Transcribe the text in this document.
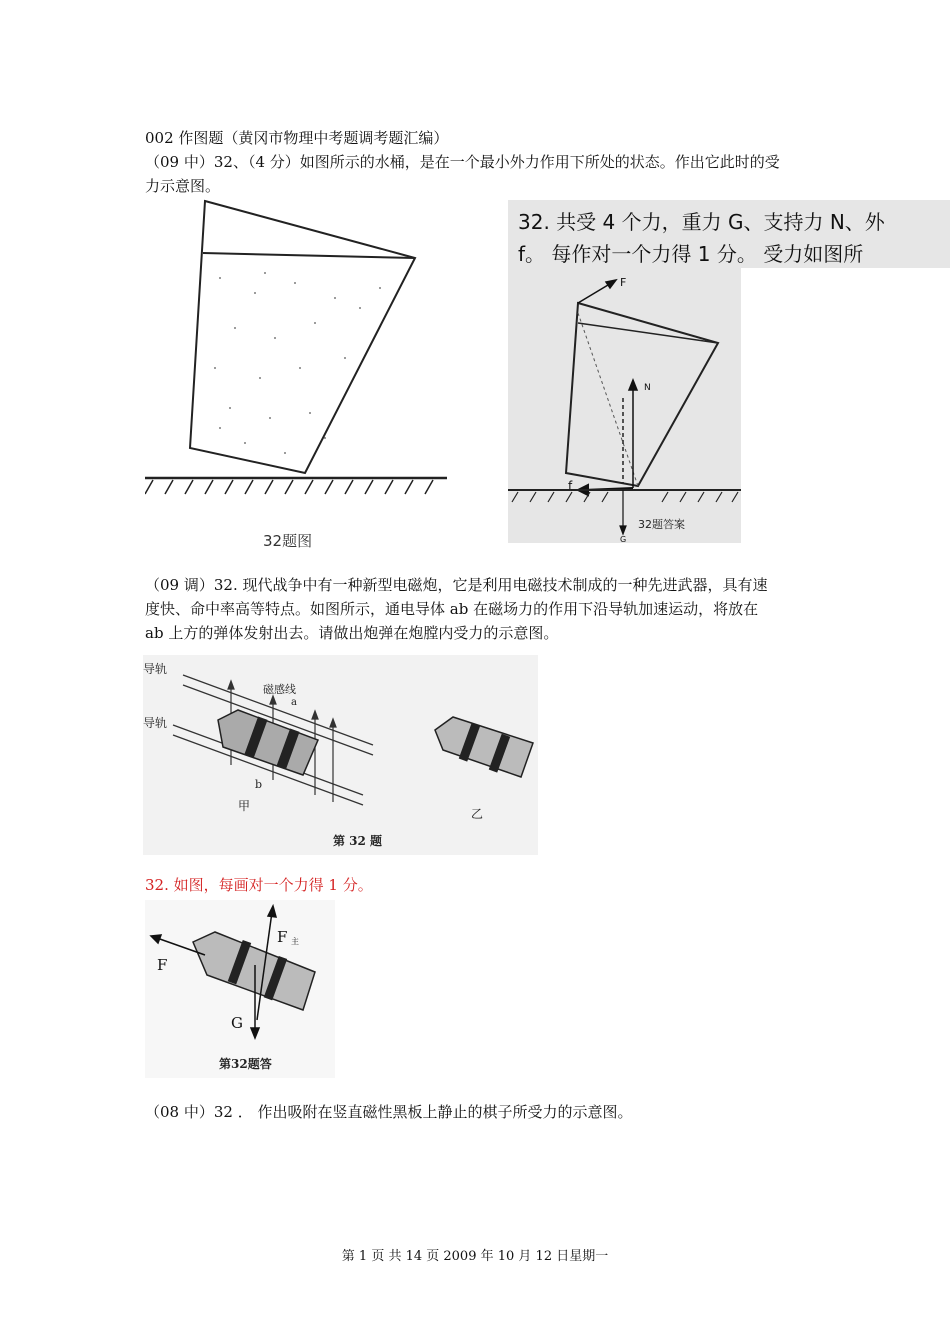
002 作图题（黄冈市物理中考题调考题汇编）
（09 中）32、（4 分）如图所示的水桶，是在一个最小外力作用下所处的状态。作出它此时的受
力示意图。
32题图
32. 共受 4 个力，重力 G、支持力 N、外
f。 每作对一个力得 1 分。 受力如图所
F
N
f
G
32题答案
（09 调）32. 现代战争中有一种新型电磁炮，它是利用电磁技术制成的一种先进武器，具有速
度快、命中率高等特点。如图所示，通电导体 ab 在磁场力的作用下沿导轨加速运动，将放在
ab 上方的弹体发射出去。请做出炮弹在炮膛内受力的示意图。
导轨
导轨
磁感线
a
b
甲
乙
第 32 题
32. 如图，每画对一个力得 1 分。
F
F 主
G
第32题答
（08 中）32 ． 作出吸附在竖直磁性黑板上静止的棋子所受力的示意图。
第 1 页 共 14 页 2009 年 10 月 12 日星期一
